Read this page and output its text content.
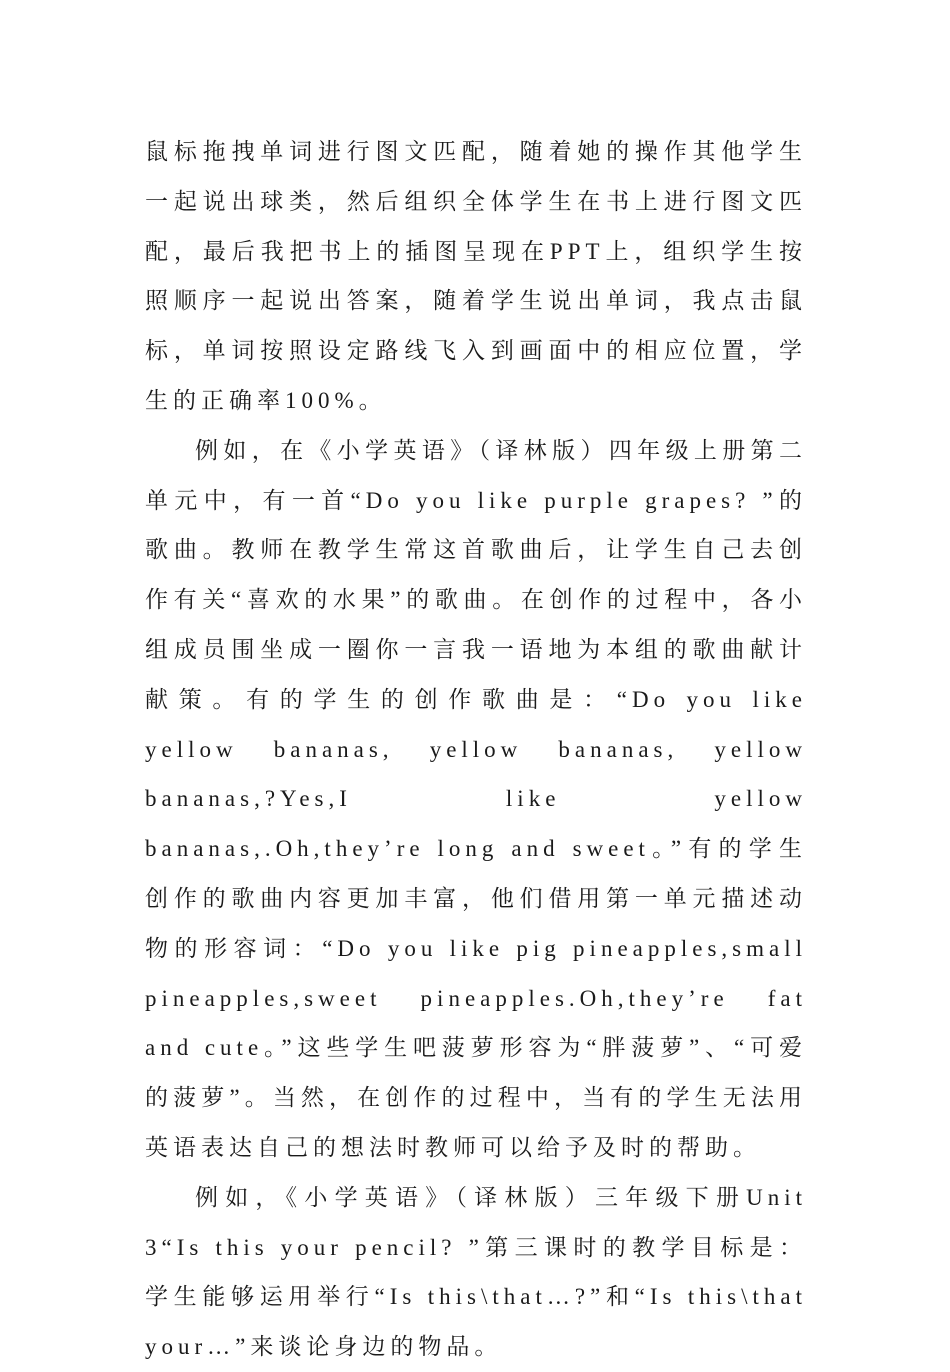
鼠标拖拽单词进行图文匹配，随着她的操作其他学生一起说出球类，然后组织全体学生在书上进行图文匹配，最后我把书上的插图呈现在PPT上，组织学生按照顺序一起说出答案，随着学生说出单词，我点击鼠标，单词按照设定路线飞入到画面中的相应位置，学生的正确率100%。

例如，在《小学英语》（译林版）四年级上册第二单元中，有一首“Do you like purple grapes? ”的歌曲。教师在教学生常这首歌曲后，让学生自己去创作有关“喜欢的水果”的歌曲。在创作的过程中，各小组成员围坐成一圈你一言我一语地为本组的歌曲献计献策。有的学生的创作歌曲是：“Do you like yellow bananas, yellow bananas, yellow bananas,?Yes,I like yellow bananas,.Oh,they’re long and sweet。”有的学生创作的歌曲内容更加丰富，他们借用第一单元描述动物的形容词：“Do you like pig pineapples,small pineapples,sweet pineapples.Oh,they’re fat and cute。”这些学生吧菠萝形容为“胖菠萝”、“可爱的菠萝”。当然，在创作的过程中，当有的学生无法用英语表达自己的想法时教师可以给予及时的帮助。

例如，《小学英语》（译林版）三年级下册Unit 3“Is this your pencil? ”第三课时的教学目标是：学生能够运用举行“Is this\that…?”和“Is this\that your…”来谈论身边的物品。
